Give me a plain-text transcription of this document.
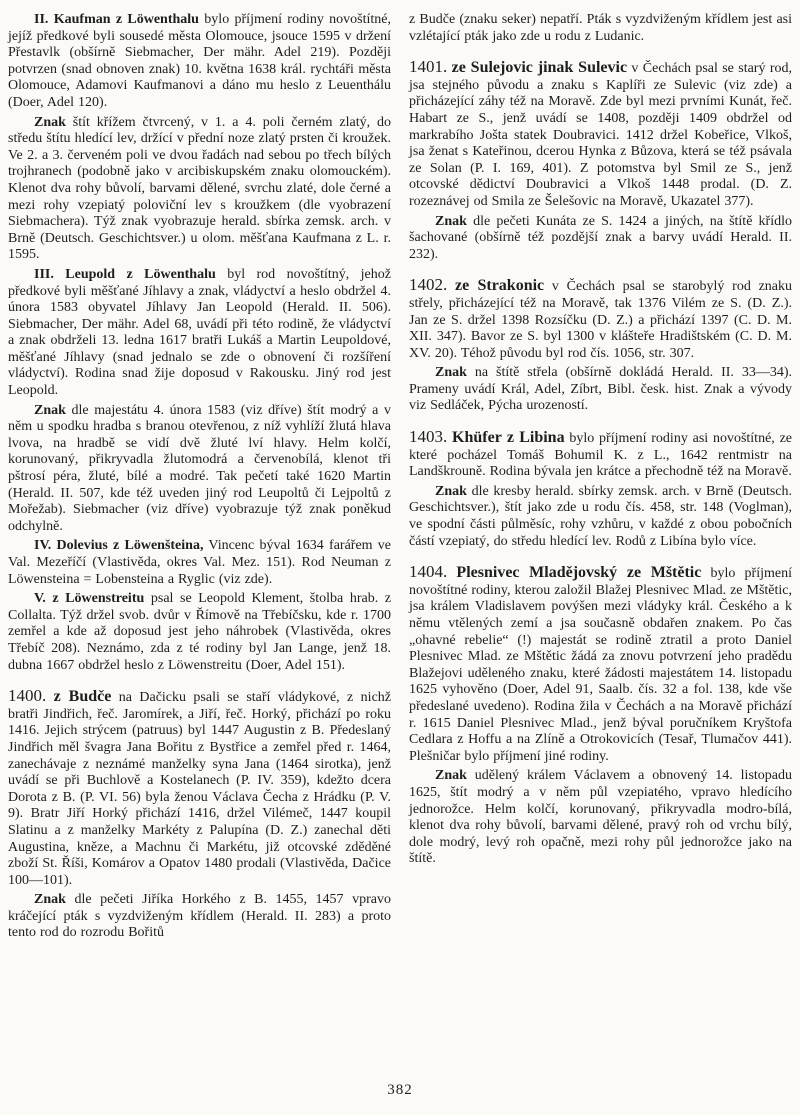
II. Kaufman z Löwenthalu bylo příjmení rodiny novoštítné, jejíž předkové byli sousedé města Olomouce, jsouce 1595 v držení Přestavlk (obšírně Siebmacher, Der mähr. Adel 219). Později potvrzen (snad obnoven znak) 10. května 1638 král. rychtáři města Olomouce, Adamovi Kaufmanovi a dáno mu heslo z Leuenthálu (Doer, Adel 120).

Znak štít křížem čtvrcený, v 1. a 4. poli černém zlatý, do středu štítu hledící lev, držící v přední noze zlatý prsten či kroužek. Ve 2. a 3. červeném poli ve dvou řadách nad sebou po třech bílých trojhranech (podobně jako v arcibiskupském znaku olomouckém). Klenot dva rohy bůvolí, barvami dělené, svrchu zlaté, dole černé a mezi rohy vzepiatý poloviční lev s kroužkem (dle vyobrazení Siebmachera). Týž znak vyobrazuje herald. sbírka zemsk. arch. v Brně (Deutsch. Geschichtsver.) u olom. měšťana Kaufmana z L. r. 1595.

III. Leupold z Löwenthalu byl rod novoštítný, jehož předkové byli měšťané Jíhlavy a znak, vládyctví a heslo obdržel 4. února 1583 obyvatel Jíhlavy Jan Leopold (Herald. II. 506). Siebmacher, Der mähr. Adel 68, uvádí při této rodině, že vládyctví a znak obdrželi 13. ledna 1617 bratři Lukáš a Martin Leupoldové, měšťané Jíhlavy (snad jednalo se zde o obnovení či rozšíření vládyctví). Rodina snad žije doposud v Rakousku. Jiný rod jest Leopold.

Znak dle majestátu 4. února 1583 (viz dříve) štít modrý a v něm u spodku hradba s branou otevřenou, z níž vyhlíží žlutá hlava lvova, na hradbě se vidí dvě žluté lví hlavy. Helm kolčí, korunovaný, přikryvadla žlutomodrá a červenobílá, klenot tři pštrosí péra, žluté, bílé a modré. Tak pečetí také 1620 Martin (Herald. II. 507, kde též uveden jiný rod Leupoltů či Lejpoltů z Mořežab). Siebmacher (viz dříve) vyobrazuje týž znak poněkud odchylně.

IV. Dolevius z Löwenšteina, Vincenc býval 1634 farářem ve Val. Mezeříčí (Vlastivěda, okres Val. Mez. 151). Rod Neuman z Löwensteina = Lobensteina a Ryglic (viz zde).

V. z Löwenstreitu psal se Leopold Klement, štolba hrab. z Collalta. Týž držel svob. dvůr v Římově na Třebíčsku, kde r. 1700 zemřel a kde až doposud jest jeho náhrobek (Vlastivěda, okres Třebíč 208). Neznámo, zda z té rodiny byl Jan Lange, jenž 18. dubna 1667 obdržel heslo z Löwenstreitu (Doer, Adel 151).

1400. z Budče na Dačicku psali se staří vládykové, z nichž bratři Jindřich, řeč. Jaromírek, a Jiří, řeč. Horký, přichází po roku 1416. Jejich strýcem (patruus) byl 1447 Augustin z B. Předeslaný Jindřich měl švagra Jana Bořitu z Bystřice a zemřel před r. 1464, zanechávaje z neznámé manželky syna Jana (1464 sirotka), jenž uvádí se při Buchlově a Kostelanech (P. IV. 359), kdežto dcera Dorota z B. (P. VI. 56) byla ženou Václava Čecha z Hrádku (P. V. 9). Bratr Jiří Horký přichází 1416, držel Vilémeč, 1447 koupil Slatinu a z manželky Markéty z Palupína (D. Z.) zanechal děti Augustina, kněze, a Machnu či Markétu, již otcovské zděděné zboží St. Říši, Komárov a Opatov 1480 prodali (Vlastivěda, Dačice 100—101).

Znak dle pečeti Jiříka Horkého z B. 1455, 1457 vpravo kráčející pták s vyzdviženým křídlem (Herald. II. 283) a proto tento rod do rozrodu Bořitů

z Budče (znaku seker) nepatří. Pták s vyzdviženým křídlem jest asi vzlétající pták jako zde u rodu z Ludanic.

1401. ze Sulejovic jinak Sulevic v Čechách psal se starý rod, jsa stejného původu a znaku s Kaplíři ze Sulevic (viz zde) a přicházející záhy též na Moravě. Zde byl mezi prvními Kunát, řeč. Habart ze S., jenž uvádí se 1408, později 1409 obdržel od markrabího Jošta statek Doubravici. 1412 držel Kobeřice, Vlkoš, jsa ženat s Kateřinou, dcerou Hynka z Bůzova, která se též psávala ze Solan (P. I. 169, 401). Z potomstva byl Smil ze S., jenž otcovské dědictví Doubravici a Vlkoš 1448 prodal. (D. Z. rozeznávej od Smila ze Šelešovic na Moravě, Ukazatel 377).

Znak dle pečeti Kunáta ze S. 1424 a jiných, na štítě křídlo šachované (obšírně též pozdější znak a barvy uvádí Herald. II. 232).

1402. ze Strakonic v Čechách psal se starobylý rod znaku střely, přicházející též na Moravě, tak 1376 Vilém ze S. (D. Z.). Jan ze S. držel 1398 Rozsíčku (D. Z.) a přichází 1397 (C. D. M. XII. 347). Bavor ze S. byl 1300 v klášteře Hradištském (C. D. M. XV. 20). Téhož původu byl rod čís. 1056, str. 307.

Znak na štítě střela (obšírně dokládá Herald. II. 33—34). Prameny uvádí Král, Adel, Zíbrt, Bibl. česk. hist. Znak a vývody viz Sedláček, Pýcha urozeností.

1403. Khüfer z Libina bylo příjmení rodiny asi novoštítné, ze které pocházel Tomáš Bohumil K. z L., 1642 rentmistr na Landškrouně. Rodina bývala jen krátce a přechodně též na Moravě.

Znak dle kresby herald. sbírky zemsk. arch. v Brně (Deutsch. Geschichtsver.), štít jako zde u rodu čís. 458, str. 148 (Voglman), ve spodní části půlměsíc, rohy vzhůru, v každé z obou pobočních částí vzepiatý, do středu hledící lev. Rodů z Libína bylo více.

1404. Plesnivec Mladějovský ze Mštětic bylo příjmení novoštítné rodiny, kterou založil Blažej Plesnivec Mlad. ze Mštětic, jsa králem Vladislavem povýšen mezi vládyky král. Českého a k němu vtělených zemí a jsa současně obdařen znakem. Po čas „ohavné rebelie“ (!) majestát se rodině ztratil a proto Daniel Plesnivec Mlad. ze Mštětic žádá za znovu potvrzení jeho pradědu Blažejovi uděleného znaku, které žádosti majestátem 14. listopadu 1625 vyhověno (Doer, Adel 91, Saalb. čís. 32 a fol. 138, kde vše předeslané uvedeno). Rodina žila v Čechách a na Moravě přichází r. 1615 Daniel Plesnivec Mlad., jenž býval poručníkem Kryštofa Cedlara z Hoffu a na Zlíně a Otrokovicích (Tesař, Tlumačov 441). Plešničar bylo příjmení jiné rodiny.

Znak udělený králem Václavem a obnovený 14. listopadu 1625, štít modrý a v něm půl vzepiatého, vpravo hledícího jednorožce. Helm kolčí, korunovaný, přikryvadla modro-bílá, klenot dva rohy bůvolí, barvami dělené, pravý roh od vrchu bílý, dole modrý, levý roh opačně, mezi rohy půl jednorožce jako na štítě.

382
